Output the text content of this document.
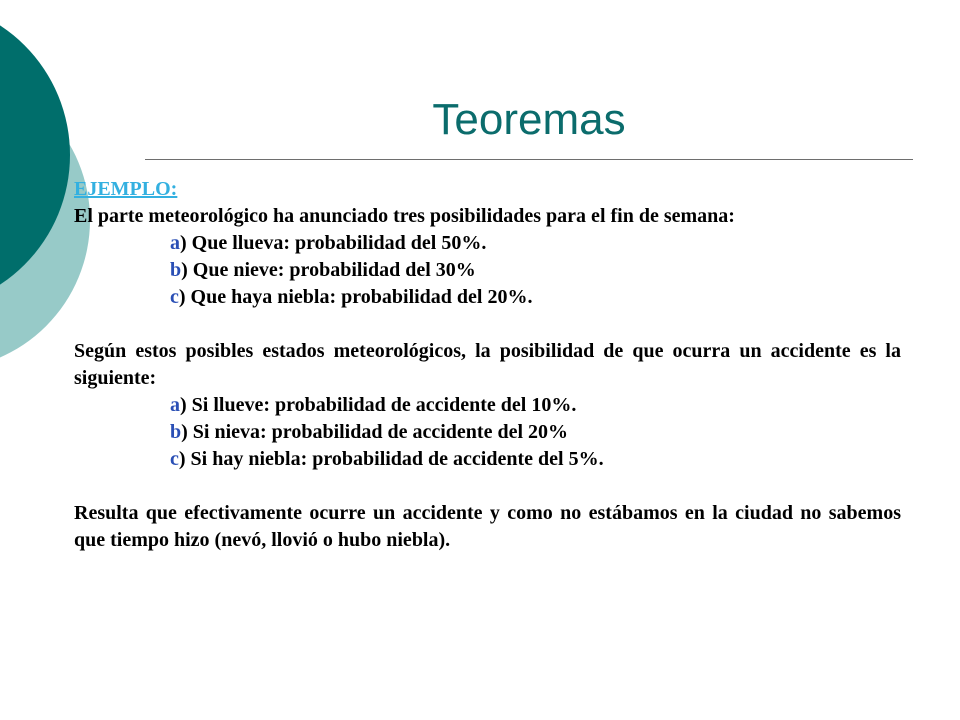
Teoremas
EJEMPLO:
El parte meteorológico ha anunciado tres posibilidades para el fin de semana:
a) Que llueva: probabilidad del 50%.
b) Que nieve: probabilidad del 30%
c) Que haya niebla: probabilidad del 20%.
Según estos posibles estados meteorológicos, la posibilidad de que ocurra un accidente es la siguiente:
a) Si llueve: probabilidad de accidente del 10%.
b) Si nieva: probabilidad de accidente del 20%
c) Si hay niebla: probabilidad de accidente del 5%.
Resulta que efectivamente ocurre un accidente y como no estábamos en la ciudad no sabemos que tiempo hizo (nevó, llovió o hubo niebla).
